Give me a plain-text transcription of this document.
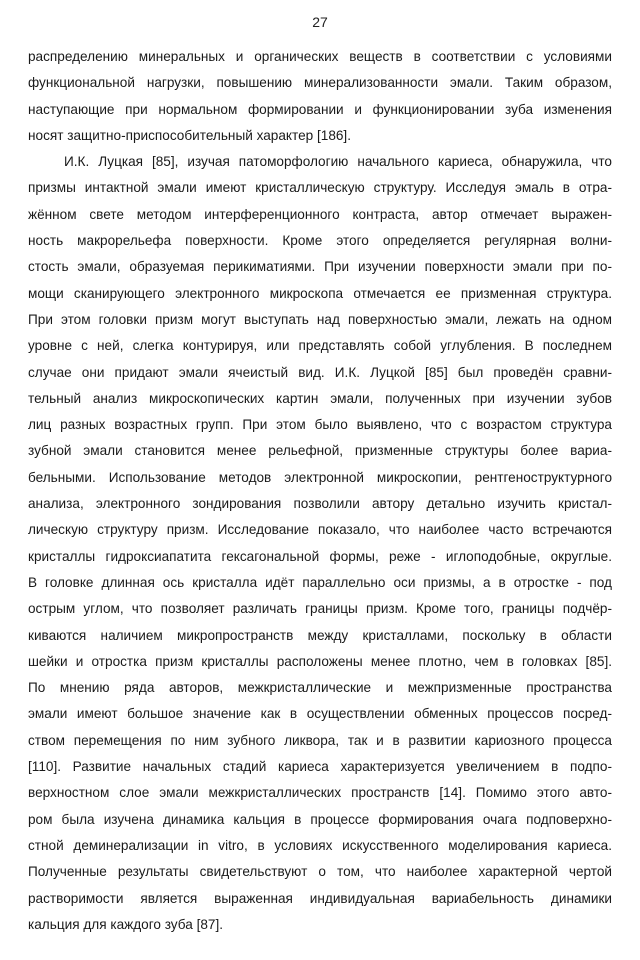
27
распределению минеральных и органических веществ в соответствии с условиями
функциональной нагрузки, повышению минерализованности эмали. Таким образом,
наступающие при нормальном формировании и функционировании зуба изменения
носят защитно-приспособительный характер [186].
И.К. Луцкая [85], изучая патоморфологию начального кариеса, обнаружила, что
призмы интактной эмали имеют кристаллическую структуру. Исследуя эмаль в отра-
жённом свете методом интерференционного контраста, автор отмечает выражен-
ность макрорельефа поверхности. Кроме этого определяется регулярная волни-
стость эмали, образуемая перикиматиями. При изучении поверхности эмали при по-
мощи сканирующего электронного микроскопа отмечается ее призменная структура.
При этом головки призм могут выступать над поверхностью эмали, лежать на одном
уровне с ней, слегка контурируя, или представлять собой углубления. В последнем
случае они придают эмали ячеистый вид. И.К. Луцкой [85] был проведён сравни-
тельный анализ микроскопических картин эмали, полученных при изучении зубов
лиц разных возрастных групп. При этом было выявлено, что с возрастом структура
зубной эмали становится менее рельефной, призменные структуры более вариа-
бельными. Использование методов электронной микроскопии, рентгеноструктурного
анализа, электронного зондирования позволили автору детально изучить кристал-
лическую структуру призм. Исследование показало, что наиболее часто встречаются
кристаллы гидроксиапатита гексагональной формы, реже - иглоподобные, округлые.
В головке длинная ось кристалла идёт параллельно оси призмы, а в отростке - под
острым углом, что позволяет различать границы призм. Кроме того, границы подчёр-
киваются наличием микропространств между кристаллами, поскольку в области
шейки и отростка призм кристаллы расположены менее плотно, чем в головках [85].
По мнению ряда авторов, межкристаллические и межпризменные пространства
эмали имеют большое значение как в осуществлении обменных процессов посред-
ством перемещения по ним зубного ликвора, так и в развитии кариозного процесса
[110]. Развитие начальных стадий кариеса характеризуется увеличением в подпо-
верхностном слое эмали межкристаллических пространств [14]. Помимо этого авто-
ром была изучена динамика кальция в процессе формирования очага подповерхно-
стной деминерализации in vitro, в условиях искусственного моделирования кариеса.
Полученные результаты свидетельствуют о том, что наиболее характерной чертой
растворимости является выраженная индивидуальная вариабельность динамики
кальция для каждого зуба [87].
